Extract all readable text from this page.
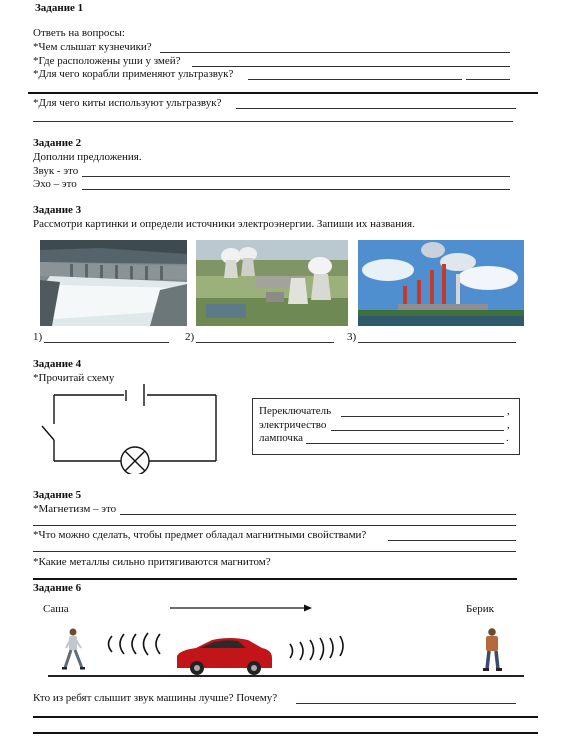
Задание 1
Ответь на вопросы:
*Чем слышат кузнечики?
*Где расположены уши у змей?
*Для чего корабли применяют ультразвук?
*Для чего киты используют ультразвук?
Задание 2
Дополни предложения.
Звук - это
Эхо – это
Задание 3
Рассмотри картинки и определи источники электроэнергии. Запиши их названия.
1)	2)	3)
Задание 4
*Прочитай схему
Переключатель	,
электричество	,
лампочка	.
Задание 5
*Магнетизм – это
*Что можно сделать, чтобы предмет обладал магнитными свойствами?
*Какие металлы сильно притягиваются магнитом?
Задание 6
Саша	Берик
Кто из ребят слышит звук машины лучше? Почему?
